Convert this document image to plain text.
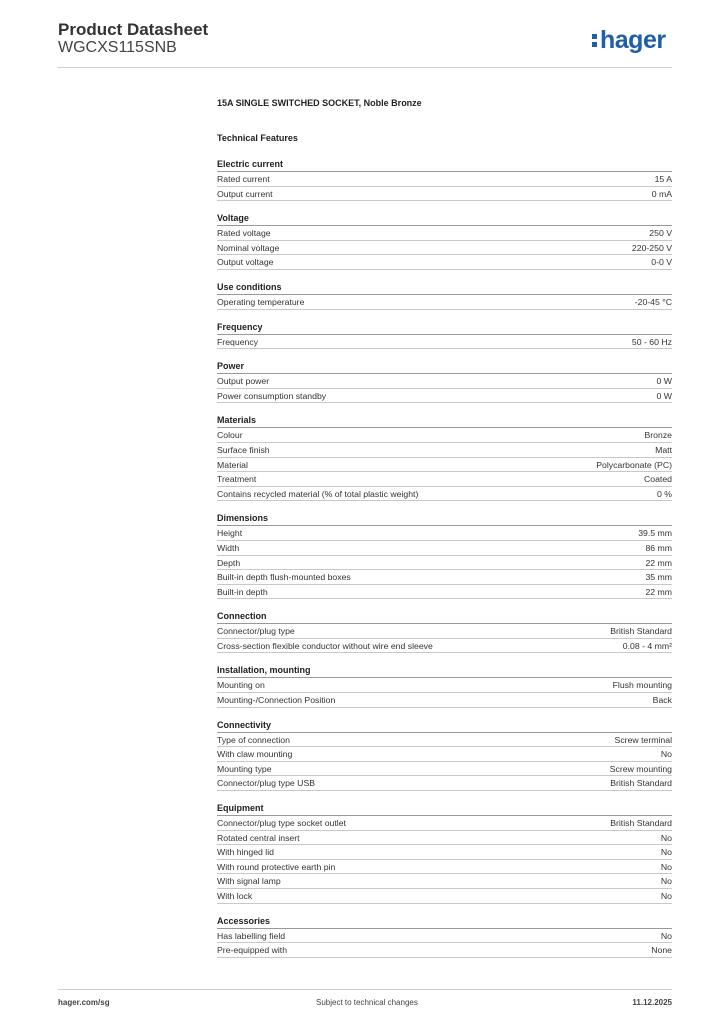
Product Datasheet
WGCXS115SNB	hager
15A SINGLE SWITCHED SOCKET, Noble Bronze
Technical Features
Electric current
Rated current	15 A
Output current	0 mA
Voltage
Rated voltage	250 V
Nominal voltage	220-250 V
Output voltage	0-0 V
Use conditions
Operating temperature	-20-45 °C
Frequency
Frequency	50 - 60 Hz
Power
Output power	0 W
Power consumption standby	0 W
Materials
Colour	Bronze
Surface finish	Matt
Material	Polycarbonate (PC)
Treatment	Coated
Contains recycled material (% of total plastic weight)	0 %
Dimensions
Height	39.5 mm
Width	86 mm
Depth	22 mm
Built-in depth flush-mounted boxes	35 mm
Built-in depth	22 mm
Connection
Connector/plug type	British Standard
Cross-section flexible conductor without wire end sleeve	0.08 - 4 mm²
Installation, mounting
Mounting on	Flush mounting
Mounting-/Connection Position	Back
Connectivity
Type of connection	Screw terminal
With claw mounting	No
Mounting type	Screw mounting
Connector/plug type USB	British Standard
Equipment
Connector/plug type socket outlet	British Standard
Rotated central insert	No
With hinged lid	No
With round protective earth pin	No
With signal lamp	No
With lock	No
Accessories
Has labelling field	No
Pre-equipped with	None
hager.com/sg	Subject to technical changes	11.12.2025
